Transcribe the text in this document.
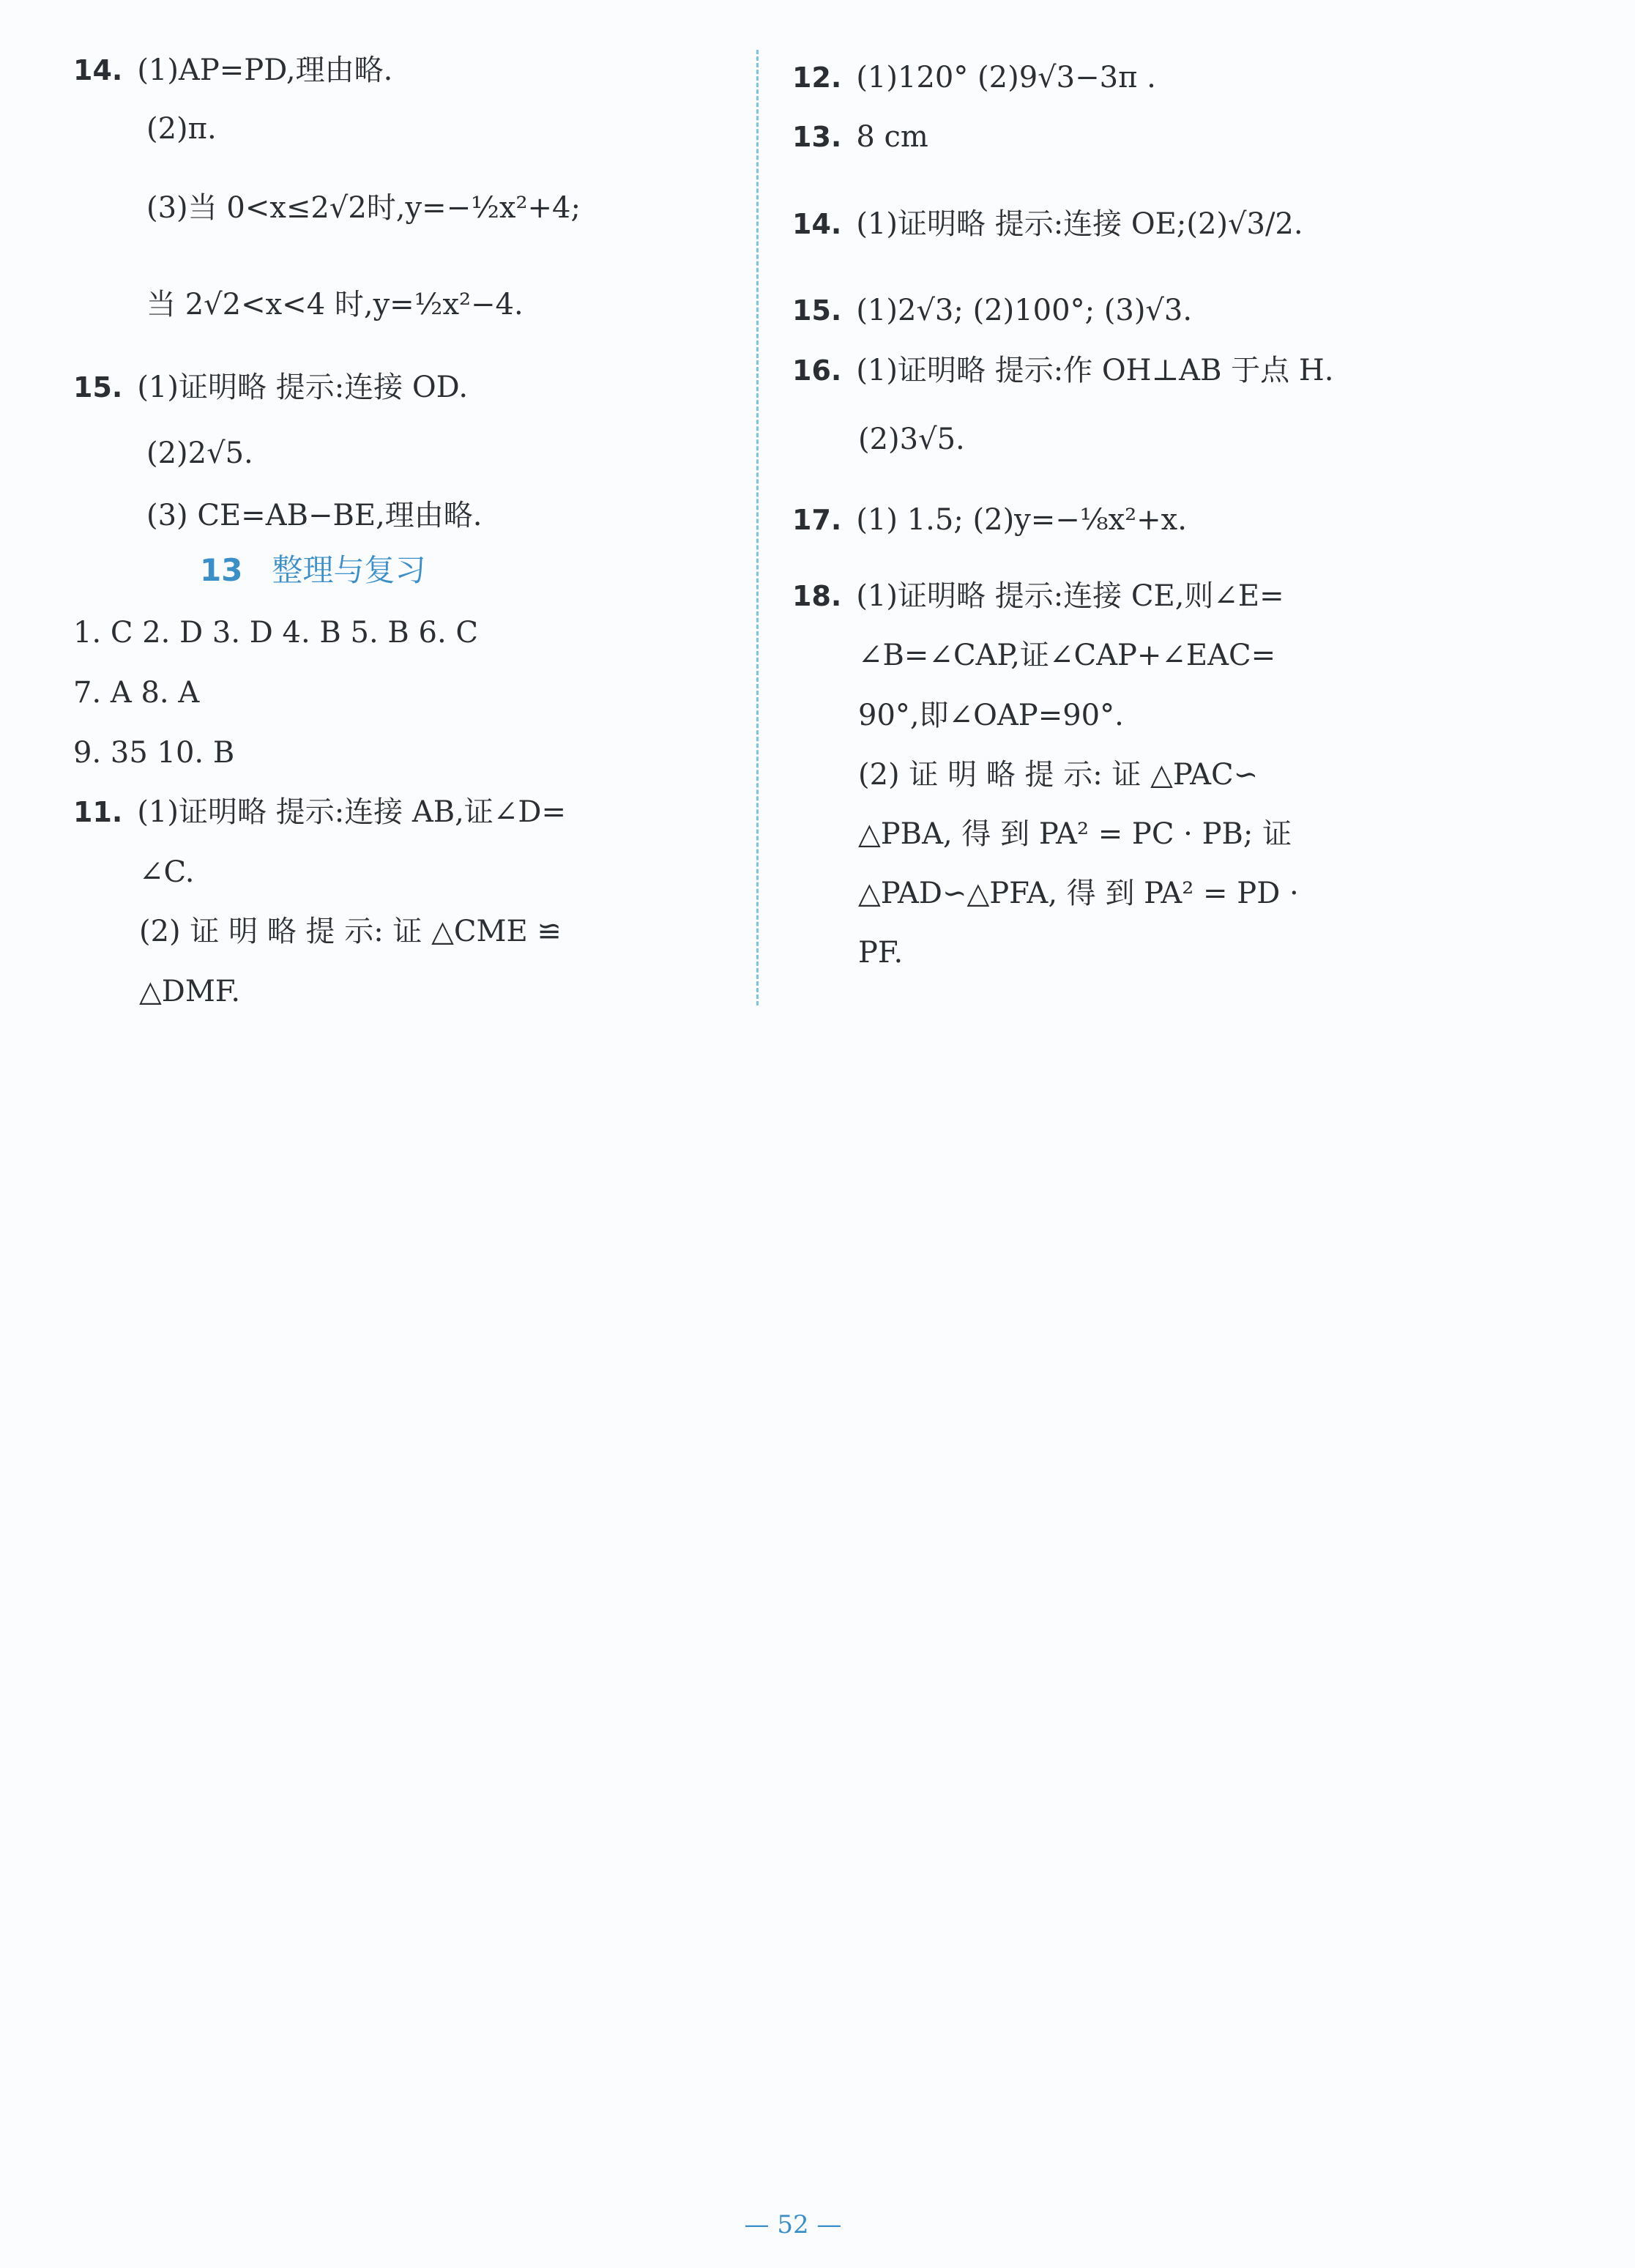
14. (1)AP=PD,理由略.
(2)π.
(3)当 0<x≤2√2时,y=−½x²+4;
当 2√2<x<4 时,y=½x²−4.
15. (1)证明略 提示:连接 OD.
(2)2√5.
(3) CE=AB−BE,理由略.
1. C 2. D 3. D 4. B 5. B 6. C
7. A 8. A
9. 35 10. B
11. (1)证明略 提示:连接 AB,证∠D=
∠C.
(2) 证 明 略 提 示: 证 △CME ≌
△DMF.
13 整理与复习
12. (1)120° (2)9√3−3π .
13. 8 cm
14. (1)证明略 提示:连接 OE;(2)√3/2.
15. (1)2√3; (2)100°; (3)√3.
16. (1)证明略 提示:作 OH⊥AB 于点 H.
(2)3√5.
17. (1) 1.5; (2)y=−⅛x²+x.
18. (1)证明略 提示:连接 CE,则∠E=
∠B=∠CAP,证∠CAP+∠EAC=
90°,即∠OAP=90°.
(2) 证 明 略 提 示: 证 △PAC∽
△PBA, 得 到 PA² = PC · PB; 证
△PAD∽△PFA, 得 到 PA² = PD ·
PF.
— 52 —
